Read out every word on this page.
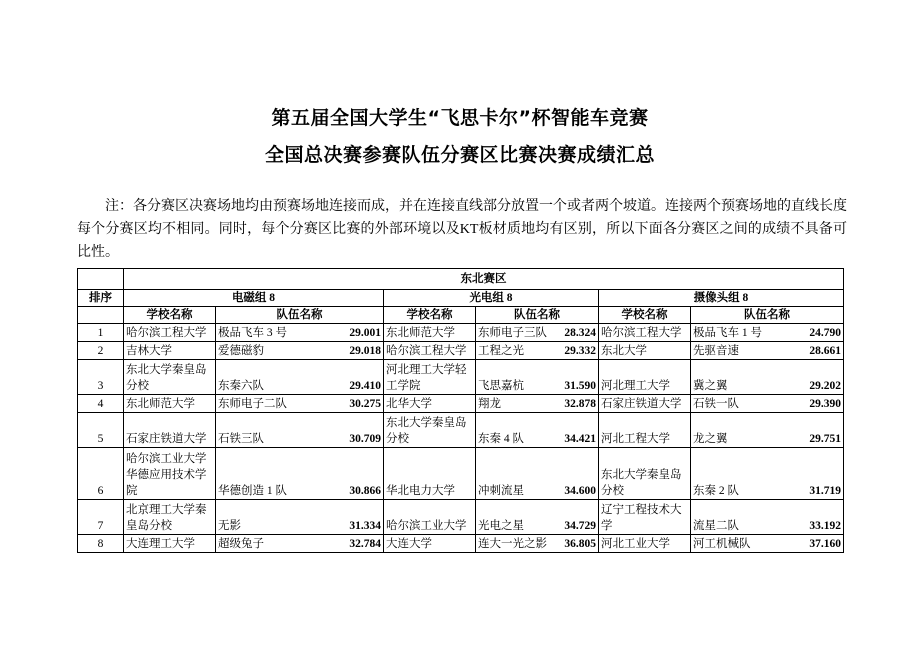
第五届全国大学生“飞思卡尔”杯智能车竞赛
全国总决赛参赛队伍分赛区比赛决赛成绩汇总
注：各分赛区决赛场地均由预赛场地连接而成，并在连接直线部分放置一个或者两个坡道。连接两个预赛场地的直线长度每个分赛区均不相同。同时，每个分赛区比赛的外部环境以及KT板材质地均有区别，所以下面各分赛区之间的成绩不具备可比性。
	东北赛区					
排序	电磁组 8		光电组 8		摄像头组 8	
	学校名称	队伍名称	学校名称	队伍名称	学校名称	队伍名称
1	哈尔滨工程大学	极品飞车 3 号 29.001	东北师范大学	东师电子三队 28.324	哈尔滨工程大学	极品飞车 1 号 24.790

2	吉林大学	爱德磁豹 29.018	哈尔滨工程大学	工程之光 29.332	东北大学	先驱音速 28.661

3	东北大学秦皇岛分校	东秦六队 29.410	河北理工大学轻工学院	飞思嘉杭 31.590	河北理工大学	冀之翼 29.202

4	东北师范大学	东师电子二队 30.275	北华大学	翔龙 32.878	石家庄铁道大学	石铁一队 29.390

5	石家庄铁道大学	石铁三队 30.709	东北大学秦皇岛分校	东秦 4 队 34.421	河北工程大学	龙之翼 29.751

6	哈尔滨工业大学华德应用技术学院	华德创造 1 队 30.866	华北电力大学	冲刺流星 34.600	东北大学秦皇岛分校	东秦 2 队 31.719

7	北京理工大学秦皇岛分校	无影 31.334	哈尔滨工业大学	光电之星 34.729	辽宁工程技术大学	流星二队 33.192

8	大连理工大学	超级兔子 32.784	大连大学	连大一光之影 36.805	河北工业大学	河工机械队 37.160
